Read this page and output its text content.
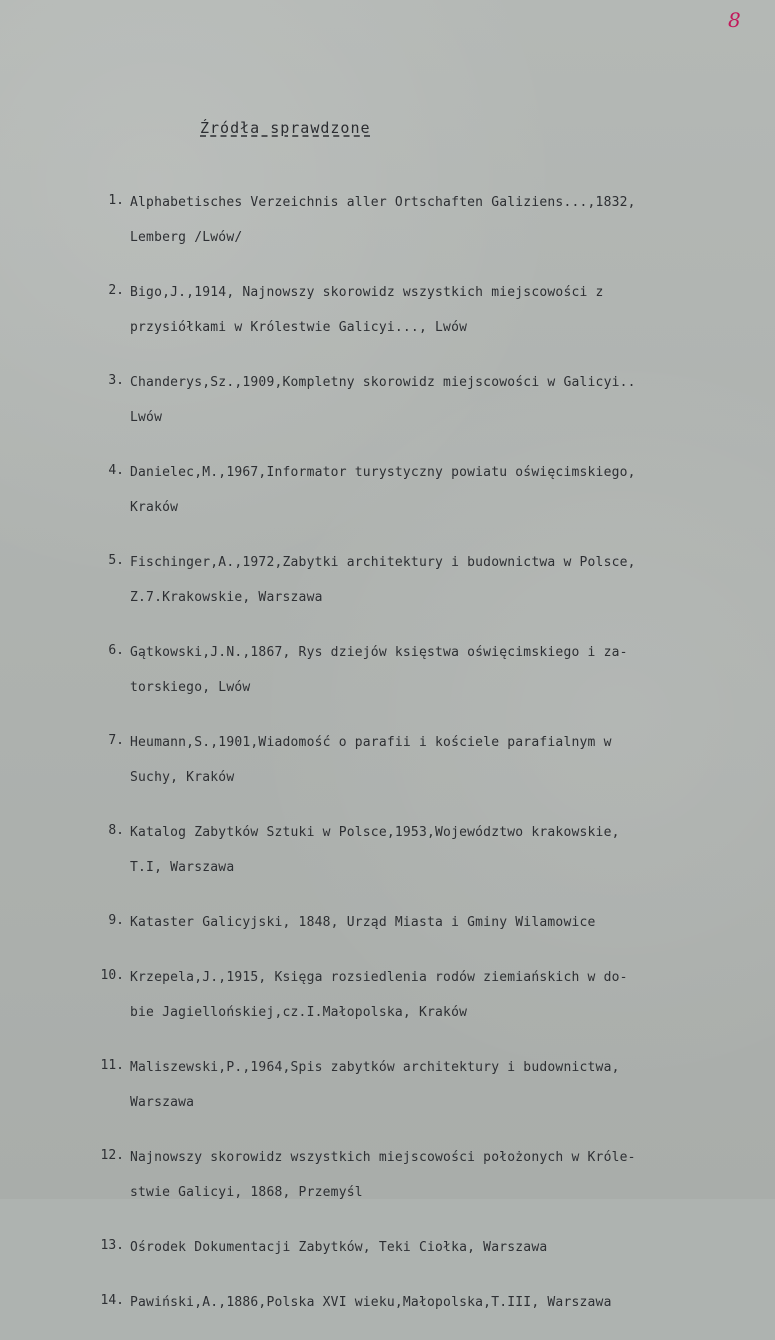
8
Źródła sprawdzone
1. Alphabetisches Verzeichnis aller Ortschaften Galiziens...,1832,
Lemberg /Lwów/
2. Bigo,J.,1914, Najnowszy skorowidz wszystkich miejscowości z
przysiółkami w Królestwie Galicyi..., Lwów
3. Chanderys,Sz.,1909,Kompletny skorowidz miejscowości w Galicyi..
Lwów
4. Danielec,M.,1967,Informator turystyczny powiatu oświęcimskiego,
Kraków
5. Fischinger,A.,1972,Zabytki architektury i budownictwa w Polsce,
Z.7.Krakowskie, Warszawa
6. Gątkowski,J.N.,1867, Rys dziejów księstwa oświęcimskiego i za-
torskiego, Lwów
7. Heumann,S.,1901,Wiadomość o parafii i kościele parafialnym w
Suchy, Kraków
8. Katalog Zabytków Sztuki w Polsce,1953,Województwo krakowskie,
T.I, Warszawa
9. Kataster Galicyjski, 1848, Urząd Miasta i Gminy Wilamowice
10. Krzepela,J.,1915, Księga rozsiedlenia rodów ziemiańskich w do-
bie Jagiellońskiej,cz.I.Małopolska, Kraków
11. Maliszewski,P.,1964,Spis zabytków architektury i budownictwa,
Warszawa
12. Najnowszy skorowidz wszystkich miejscowości położonych w Króle-
stwie Galicyi, 1868, Przemyśl
13. Ośrodek Dokumentacji Zabytków, Teki Ciołka, Warszawa
14. Pawiński,A.,1886,Polska XVI wieku,Małopolska,T.III, Warszawa
